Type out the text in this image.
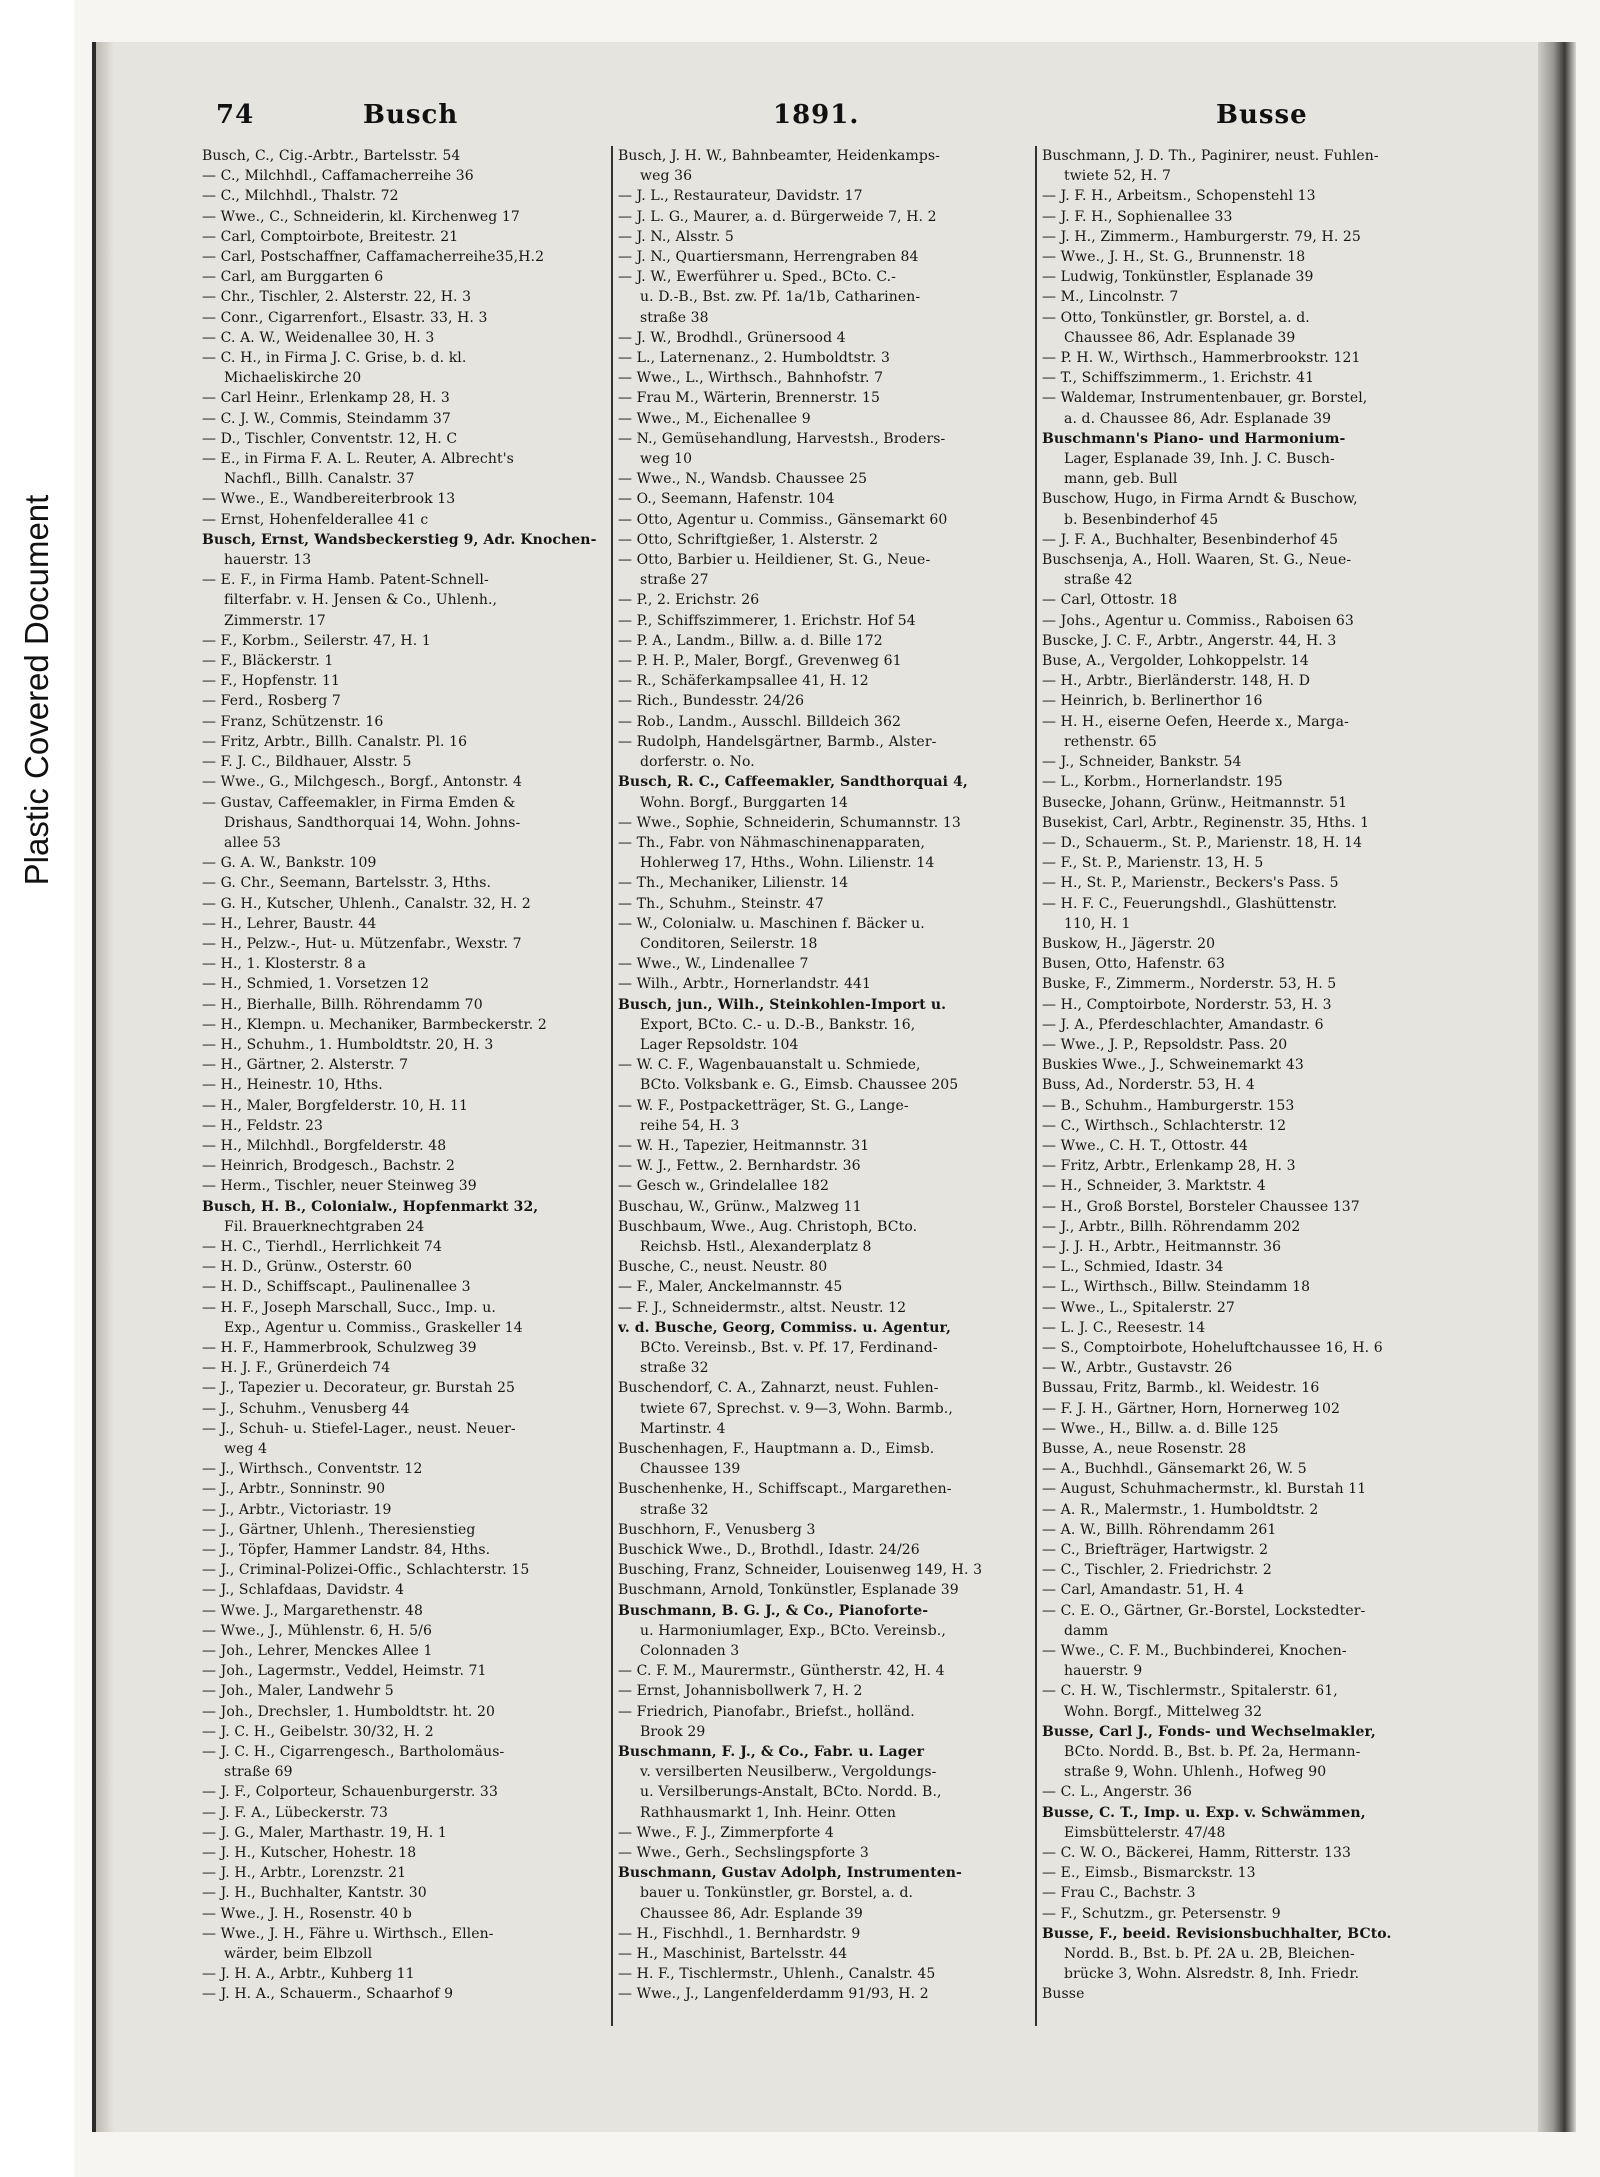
Plastic Covered Document
74	Busch	1891.	Busse
Busch, C., Cig.-Arbtr., Bartelsstr. 54
— C., Milchhdl., Caffamacherreihe 36
— C., Milchhdl., Thalstr. 72
— Wwe., C., Schneiderin, kl. Kirchenweg 17
— Carl, Comptoirbote, Breitestr. 21
— Carl, Postschaffner, Caffamacherreihe35,H.2
— Carl, am Burggarten 6
— Chr., Tischler, 2. Alsterstr. 22, H. 3
— Conr., Cigarrenfort., Elsastr. 33, H. 3
— C. A. W., Weidenallee 30, H. 3
— C. H., in Firma J. C. Grise, b. d. kl.
Michaeliskirche 20
— Carl Heinr., Erlenkamp 28, H. 3
— C. J. W., Commis, Steindamm 37
— D., Tischler, Conventstr. 12, H. C
— E., in Firma F. A. L. Reuter, A. Albrecht's
Nachfl., Billh. Canalstr. 37
— Wwe., E., Wandbereiterbrook 13
— Ernst, Hohenfelderallee 41 c
Busch, Ernst, Wandsbeckerstieg 9, Adr. Knochen-
hauerstr. 13
— E. F., in Firma Hamb. Patent-Schnell-
filterfabr. v. H. Jensen & Co., Uhlenh.,
Zimmerstr. 17
— F., Korbm., Seilerstr. 47, H. 1
— F., Bläckerstr. 1
— F., Hopfenstr. 11
— Ferd., Rosberg 7
— Franz, Schützenstr. 16
— Fritz, Arbtr., Billh. Canalstr. Pl. 16
— F. J. C., Bildhauer, Alsstr. 5
— Wwe., G., Milchgesch., Borgf., Antonstr. 4
— Gustav, Caffeemakler, in Firma Emden &
Drishaus, Sandthorquai 14, Wohn. Johns-
allee 53
— G. A. W., Bankstr. 109
— G. Chr., Seemann, Bartelsstr. 3, Hths.
— G. H., Kutscher, Uhlenh., Canalstr. 32, H. 2
— H., Lehrer, Baustr. 44
— H., Pelzw.-, Hut- u. Mützenfabr., Wexstr. 7
— H., 1. Klosterstr. 8 a
— H., Schmied, 1. Vorsetzen 12
— H., Bierhalle, Billh. Röhrendamm 70
— H., Klempn. u. Mechaniker, Barmbeckerstr. 2
— H., Schuhm., 1. Humboldtstr. 20, H. 3
— H., Gärtner, 2. Alsterstr. 7
— H., Heinestr. 10, Hths.
— H., Maler, Borgfelderstr. 10, H. 11
— H., Feldstr. 23
— H., Milchhdl., Borgfelderstr. 48
— Heinrich, Brodgesch., Bachstr. 2
— Herm., Tischler, neuer Steinweg 39
Busch, H. B., Colonialw., Hopfenmarkt 32,
Fil. Brauerknechtgraben 24
— H. C., Tierhdl., Herrlichkeit 74
— H. D., Grünw., Osterstr. 60
— H. D., Schiffscapt., Paulinenallee 3
— H. F., Joseph Marschall, Succ., Imp. u.
Exp., Agentur u. Commiss., Graskeller 14
— H. F., Hammerbrook, Schulzweg 39
— H. J. F., Grünerdeich 74
— J., Tapezier u. Decorateur, gr. Burstah 25
— J., Schuhm., Venusberg 44
— J., Schuh- u. Stiefel-Lager., neust. Neuer-
weg 4
— J., Wirthsch., Conventstr. 12
— J., Arbtr., Sonninstr. 90
— J., Arbtr., Victoriastr. 19
— J., Gärtner, Uhlenh., Theresienstieg
— J., Töpfer, Hammer Landstr. 84, Hths.
— J., Criminal-Polizei-Offic., Schlachterstr. 15
— J., Schlafdaas, Davidstr. 4
— Wwe. J., Margarethenstr. 48
— Wwe., J., Mühlenstr. 6, H. 5/6
— Joh., Lehrer, Menckes Allee 1
— Joh., Lagermstr., Veddel, Heimstr. 71
— Joh., Maler, Landwehr 5
— Joh., Drechsler, 1. Humboldtstr. ht. 20
— J. C. H., Geibelstr. 30/32, H. 2
— J. C. H., Cigarrengesch., Bartholomäus-
straße 69
— J. F., Colporteur, Schauenburgerstr. 33
— J. F. A., Lübeckerstr. 73
— J. G., Maler, Marthastr. 19, H. 1
— J. H., Kutscher, Hohestr. 18
— J. H., Arbtr., Lorenzstr. 21
— J. H., Buchhalter, Kantstr. 30
— Wwe., J. H., Rosenstr. 40 b
— Wwe., J. H., Fähre u. Wirthsch., Ellen-
wärder, beim Elbzoll
— J. H. A., Arbtr., Kuhberg 11
— J. H. A., Schauerm., Schaarhof 9
Busch, J. H. W., Bahnbeamter, Heidenkamps-
weg 36
— J. L., Restaurateur, Davidstr. 17
— J. L. G., Maurer, a. d. Bürgerweide 7, H. 2
— J. N., Alsstr. 5
— J. N., Quartiersmann, Herrengraben 84
— J. W., Ewerführer u. Sped., BCto. C.-
u. D.-B., Bst. zw. Pf. 1a/1b, Catharinen-
straße 38
— J. W., Brodhdl., Grünersood 4
— L., Laternenanz., 2. Humboldtstr. 3
— Wwe., L., Wirthsch., Bahnhofstr. 7
— Frau M., Wärterin, Brennerstr. 15
— Wwe., M., Eichenallee 9
— N., Gemüsehandlung, Harvestsh., Broders-
weg 10
— Wwe., N., Wandsb. Chaussee 25
— O., Seemann, Hafenstr. 104
— Otto, Agentur u. Commiss., Gänsemarkt 60
— Otto, Schriftgießer, 1. Alsterstr. 2
— Otto, Barbier u. Heildiener, St. G., Neue-
straße 27
— P., 2. Erichstr. 26
— P., Schiffszimmerer, 1. Erichstr. Hof 54
— P. A., Landm., Billw. a. d. Bille 172
— P. H. P., Maler, Borgf., Grevenweg 61
— R., Schäferkampsallee 41, H. 12
— Rich., Bundesstr. 24/26
— Rob., Landm., Ausschl. Billdeich 362
— Rudolph, Handelsgärtner, Barmb., Alster-
dorferstr. o. No.
Busch, R. C., Caffeemakler, Sandthorquai 4,
Wohn. Borgf., Burggarten 14
— Wwe., Sophie, Schneiderin, Schumannstr. 13
— Th., Fabr. von Nähmaschinenapparaten,
Hohlerweg 17, Hths., Wohn. Lilienstr. 14
— Th., Mechaniker, Lilienstr. 14
— Th., Schuhm., Steinstr. 47
— W., Colonialw. u. Maschinen f. Bäcker u.
Conditoren, Seilerstr. 18
— Wwe., W., Lindenallee 7
— Wilh., Arbtr., Hornerlandstr. 441
Busch, jun., Wilh., Steinkohlen-Import u.
Export, BCto. C.- u. D.-B., Bankstr. 16,
Lager Repsoldstr. 104
— W. C. F., Wagenbauanstalt u. Schmiede,
BCto. Volksbank e. G., Eimsb. Chaussee 205
— W. F., Postpacketträger, St. G., Lange-
reihe 54, H. 3
— W. H., Tapezier, Heitmannstr. 31
— W. J., Fettw., 2. Bernhardstr. 36
— Gesch w., Grindelallee 182
Buschau, W., Grünw., Malzweg 11
Buschbaum, Wwe., Aug. Christoph, BCto.
Reichsb. Hstl., Alexanderplatz 8
Busche, C., neust. Neustr. 80
— F., Maler, Anckelmannstr. 45
— F. J., Schneidermstr., altst. Neustr. 12
v. d. Busche, Georg, Commiss. u. Agentur,
BCto. Vereinsb., Bst. v. Pf. 17, Ferdinand-
straße 32
Buschendorf, C. A., Zahnarzt, neust. Fuhlen-
twiete 67, Sprechst. v. 9—3, Wohn. Barmb.,
Martinstr. 4
Buschenhagen, F., Hauptmann a. D., Eimsb.
Chaussee 139
Buschenhenke, H., Schiffscapt., Margarethen-
straße 32
Buschhorn, F., Venusberg 3
Buschick Wwe., D., Brothdl., Idastr. 24/26
Busching, Franz, Schneider, Louisenweg 149, H. 3
Buschmann, Arnold, Tonkünstler, Esplanade 39
Buschmann, B. G. J., & Co., Pianoforte-
u. Harmoniumlager, Exp., BCto. Vereinsb.,
Colonnaden 3
— C. F. M., Maurermstr., Güntherstr. 42, H. 4
— Ernst, Johannisbollwerk 7, H. 2
— Friedrich, Pianofabr., Briefst., holländ.
Brook 29
Buschmann, F. J., & Co., Fabr. u. Lager
v. versilberten Neusilberw., Vergoldungs-
u. Versilberungs-Anstalt, BCto. Nordd. B.,
Rathhausmarkt 1, Inh. Heinr. Otten
— Wwe., F. J., Zimmerpforte 4
— Wwe., Gerh., Sechslingspforte 3
Buschmann, Gustav Adolph, Instrumenten-
bauer u. Tonkünstler, gr. Borstel, a. d.
Chaussee 86, Adr. Esplande 39
— H., Fischhdl., 1. Bernhardstr. 9
— H., Maschinist, Bartelsstr. 44
— H. F., Tischlermstr., Uhlenh., Canalstr. 45
— Wwe., J., Langenfelderdamm 91/93, H. 2
Buschmann, J. D. Th., Paginirer, neust. Fuhlen-
twiete 52, H. 7
— J. F. H., Arbeitsm., Schopenstehl 13
— J. F. H., Sophienallee 33
— J. H., Zimmerm., Hamburgerstr. 79, H. 25
— Wwe., J. H., St. G., Brunnenstr. 18
— Ludwig, Tonkünstler, Esplanade 39
— M., Lincolnstr. 7
— Otto, Tonkünstler, gr. Borstel, a. d.
Chaussee 86, Adr. Esplanade 39
— P. H. W., Wirthsch., Hammerbrookstr. 121
— T., Schiffszimmerm., 1. Erichstr. 41
— Waldemar, Instrumentenbauer, gr. Borstel,
a. d. Chaussee 86, Adr. Esplanade 39
Buschmann's Piano- und Harmonium-
Lager, Esplanade 39, Inh. J. C. Busch-
mann, geb. Bull
Buschow, Hugo, in Firma Arndt & Buschow,
b. Besenbinderhof 45
— J. F. A., Buchhalter, Besenbinderhof 45
Buschsenja, A., Holl. Waaren, St. G., Neue-
straße 42
— Carl, Ottostr. 18
— Johs., Agentur u. Commiss., Raboisen 63
Buscke, J. C. F., Arbtr., Angerstr. 44, H. 3
Buse, A., Vergolder, Lohkoppelstr. 14
— H., Arbtr., Bierländerstr. 148, H. D
— Heinrich, b. Berlinerthor 16
— H. H., eiserne Oefen, Heerde x., Marga-
rethenstr. 65
— J., Schneider, Bankstr. 54
— L., Korbm., Hornerlandstr. 195
Busecke, Johann, Grünw., Heitmannstr. 51
Busekist, Carl, Arbtr., Reginenstr. 35, Hths. 1
— D., Schauerm., St. P., Marienstr. 18, H. 14
— F., St. P., Marienstr. 13, H. 5
— H., St. P., Marienstr., Beckers's Pass. 5
— H. F. C., Feuerungshdl., Glashüttenstr.
110, H. 1
Buskow, H., Jägerstr. 20
Busen, Otto, Hafenstr. 63
Buske, F., Zimmerm., Norderstr. 53, H. 5
— H., Comptoirbote, Norderstr. 53, H. 3
— J. A., Pferdeschlachter, Amandastr. 6
— Wwe., J. P., Repsoldstr. Pass. 20
Buskies Wwe., J., Schweinemarkt 43
Buss, Ad., Norderstr. 53, H. 4
— B., Schuhm., Hamburgerstr. 153
— C., Wirthsch., Schlachterstr. 12
— Wwe., C. H. T., Ottostr. 44
— Fritz, Arbtr., Erlenkamp 28, H. 3
— H., Schneider, 3. Marktstr. 4
— H., Groß Borstel, Borsteler Chaussee 137
— J., Arbtr., Billh. Röhrendamm 202
— J. J. H., Arbtr., Heitmannstr. 36
— L., Schmied, Idastr. 34
— L., Wirthsch., Billw. Steindamm 18
— Wwe., L., Spitalerstr. 27
— L. J. C., Reesestr. 14
— S., Comptoirbote, Hoheluftchaussee 16, H. 6
— W., Arbtr., Gustavstr. 26
Bussau, Fritz, Barmb., kl. Weidestr. 16
— F. J. H., Gärtner, Horn, Hornerweg 102
— Wwe., H., Billw. a. d. Bille 125
Busse, A., neue Rosenstr. 28
— A., Buchhdl., Gänsemarkt 26, W. 5
— August, Schuhmachermstr., kl. Burstah 11
— A. R., Malermstr., 1. Humboldtstr. 2
— A. W., Billh. Röhrendamm 261
— C., Briefträger, Hartwigstr. 2
— C., Tischler, 2. Friedrichstr. 2
— Carl, Amandastr. 51, H. 4
— C. E. O., Gärtner, Gr.-Borstel, Lockstedter-
damm
— Wwe., C. F. M., Buchbinderei, Knochen-
hauerstr. 9
— C. H. W., Tischlermstr., Spitalerstr. 61,
Wohn. Borgf., Mittelweg 32
Busse, Carl J., Fonds- und Wechselmakler,
BCto. Nordd. B., Bst. b. Pf. 2a, Hermann-
straße 9, Wohn. Uhlenh., Hofweg 90
— C. L., Angerstr. 36
Busse, C. T., Imp. u. Exp. v. Schwämmen,
Eimsbüttelerstr. 47/48
— C. W. O., Bäckerei, Hamm, Ritterstr. 133
— E., Eimsb., Bismarckstr. 13
— Frau C., Bachstr. 3
— F., Schutzm., gr. Petersenstr. 9
Busse, F., beeid. Revisionsbuchhalter, BCto.
Nordd. B., Bst. b. Pf. 2A u. 2B, Bleichen-
brücke 3, Wohn. Alsredstr. 8, Inh. Friedr.
Busse
